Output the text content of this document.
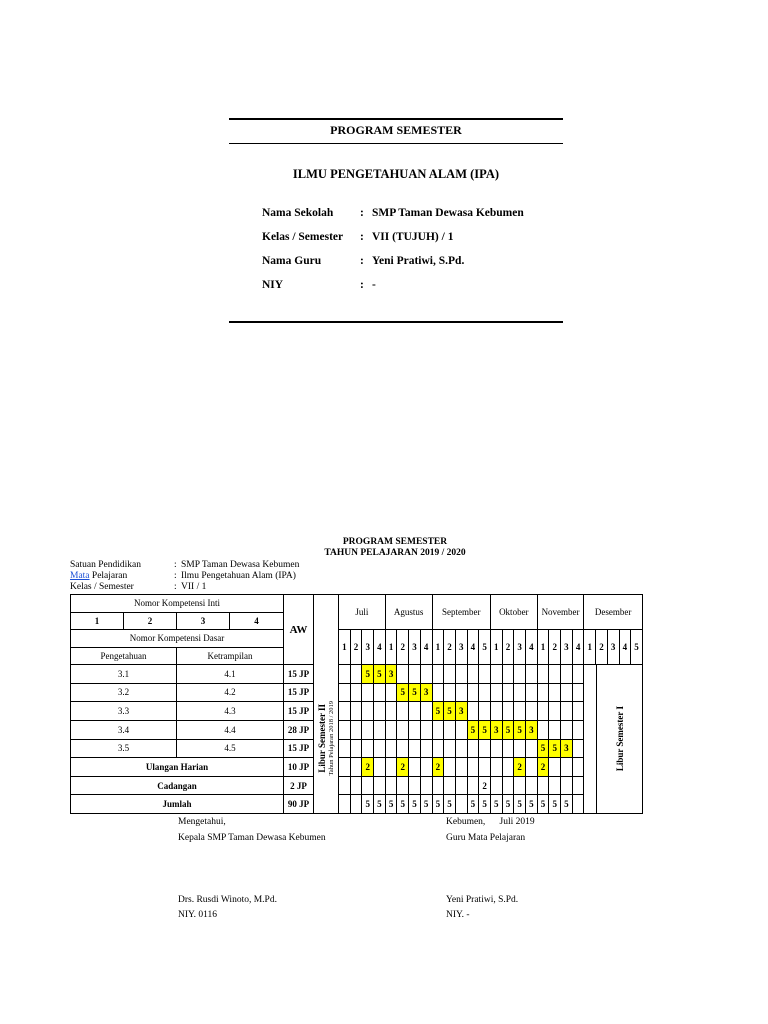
PROGRAM SEMESTER
ILMU PENGETAHUAN ALAM (IPA)
Nama Sekolah : SMP Taman Dewasa Kebumen
Kelas / Semester : VII (TUJUH) / 1
Nama Guru	: Yeni Pratiwi, S.Pd.
NIY	: -
PROGRAM SEMESTER
TAHUN PELAJARAN 2019 / 2020
Satuan Pendidikan	: SMP Taman Dewasa Kebumen
Mata Pelajaran	: Ilmu Pengetahuan Alam (IPA)
Kelas / Semester	: VII / 1
Nomor Kompetensi Inti				AW		Juli				Agustus				September					Oktober				November				Desember				
1	2	3	4																												
Nomor Kompetensi Dasar						1	2	3	4	1	2	3	4	1	2	3	4	5	1	2	3	4	1	2	3	4	1	2	3	4	5
Pengetahuan		Ketrampilan																													
3.1		4.1		15 JP	Libur Semester II Tahun Pelajaran 2018 / 2019			5	5	3																	Libur Semester I				

3.2		4.2		15 JP							5	5	3																		
3.3		4.3		15 JP										5	5	3															
3.4		4.4		28 JP													5	5	3	5	5	3									
3.5		4.5		15 JP																			5	5	3						
Ulangan Harian				10 JP				2			2			2							2		2								
Cadangan				2 JP														2													
Jumlah				90 JP				5	5	5	5	5	5	5	5		5	5	5	5	5	5	5	5	5						
Mengetahui,
Kepala SMP Taman Dewasa Kebumen
Drs. Rusdi Winoto, M.Pd.
NIY. 0116
Kebumen,      Juli 2019
Guru Mata Pelajaran
Yeni Pratiwi, S.Pd.
NIY. -
